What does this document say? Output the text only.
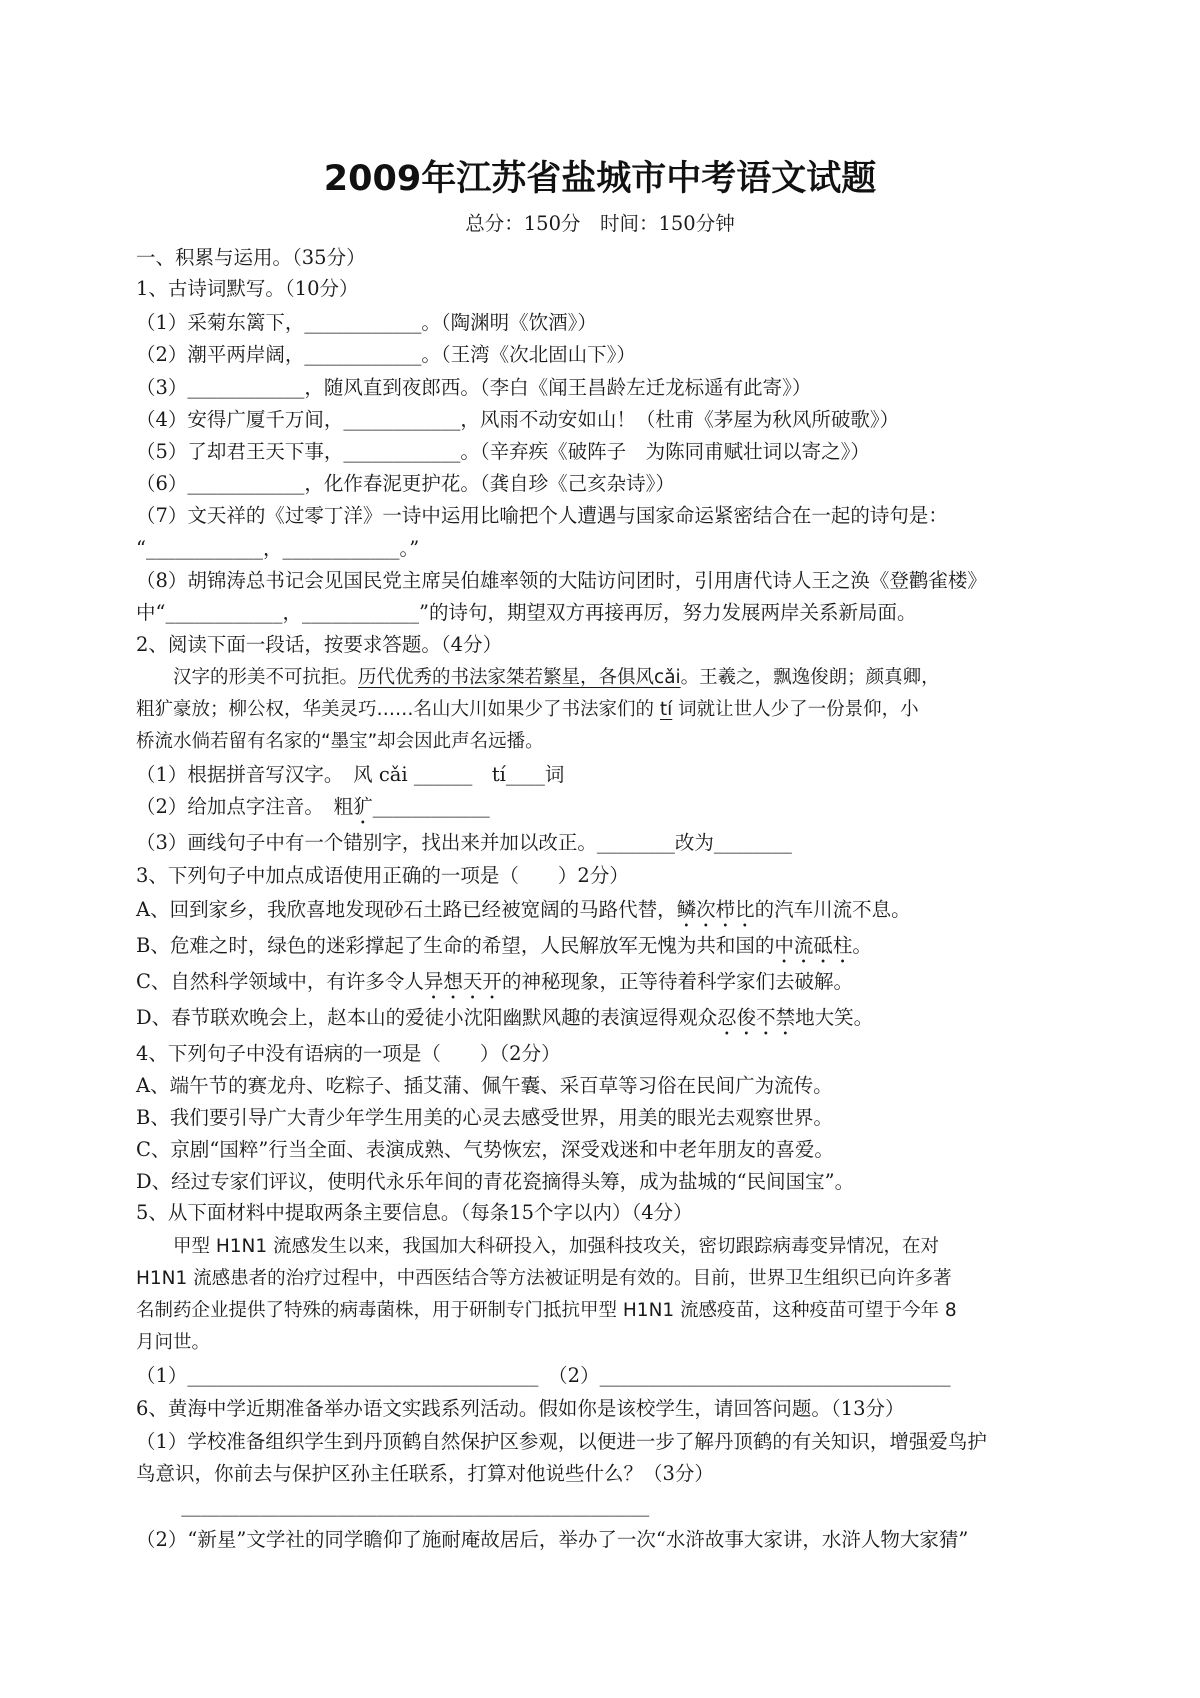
2009年江苏省盐城市中考语文试题
总分：150分　时间：150分钟
一、积累与运用。（35分）
1、古诗词默写。（10分）
（1）采菊东篱下，____________。（陶渊明《饮酒》）
（2）潮平两岸阔，____________。（王湾《次北固山下》）
（3）____________，随风直到夜郎西。（李白《闻王昌龄左迁龙标遥有此寄》）
（4）安得广厦千万间，____________，风雨不动安如山！（杜甫《茅屋为秋风所破歌》）
（5）了却君王天下事，____________。（辛弃疾《破阵子　为陈同甫赋壮词以寄之》）
（6）____________，化作春泥更护花。（龚自珍《己亥杂诗》）
（7）文天祥的《过零丁洋》一诗中运用比喻把个人遭遇与国家命运紧密结合在一起的诗句是：
“____________，____________。”
（8）胡锦涛总书记会见国民党主席吴伯雄率领的大陆访问团时，引用唐代诗人王之涣《登鹳雀楼》
中“____________，____________”的诗句，期望双方再接再厉，努力发展两岸关系新局面。
2、阅读下面一段话，按要求答题。（4分）
　　汉字的形美不可抗拒。历代优秀的书法家桀若繁星，各俱风cǎi。王羲之，飘逸俊朗；颜真卿，
粗犷豪放；柳公权，华美灵巧……名山大川如果少了书法家们的 tí 词就让世人少了一份景仰，小
桥流水倘若留有名家的“墨宝”却会因此声名远播。
（1）根据拼音写汉字。　风 cǎi ______　tí____词
（2）给加点字注音。　粗犷____________
（3）画线句子中有一个错别字，找出来并加以改正。________改为________
3、下列句子中加点成语使用正确的一项是（　　）2分）
A、回到家乡，我欣喜地发现砂石土路已经被宽阔的马路代替，鳞次栉比的汽车川流不息。
B、危难之时，绿色的迷彩撑起了生命的希望，人民解放军无愧为共和国的中流砥柱。
C、自然科学领域中，有许多令人异想天开的神秘现象，正等待着科学家们去破解。
D、春节联欢晚会上，赵本山的爱徒小沈阳幽默风趣的表演逗得观众忍俊不禁地大笑。
4、下列句子中没有语病的一项是（　　）（2分）
A、端午节的赛龙舟、吃粽子、插艾蒲、佩午囊、采百草等习俗在民间广为流传。
B、我们要引导广大青少年学生用美的心灵去感受世界，用美的眼光去观察世界。
C、京剧“国粹”行当全面、表演成熟、气势恢宏，深受戏迷和中老年朋友的喜爱。
D、经过专家们评议，使明代永乐年间的青花瓷摘得头筹，成为盐城的“民间国宝”。
5、从下面材料中提取两条主要信息。（每条15个字以内）（4分）
　　甲型 H1N1 流感发生以来，我国加大科研投入，加强科技攻关，密切跟踪病毒变异情况，在对
H1N1 流感患者的治疗过程中，中西医结合等方法被证明是有效的。目前，世界卫生组织已向许多著
名制药企业提供了特殊的病毒菌株，用于研制专门抵抗甲型 H1N1 流感疫苗，这种疫苗可望于今年 8
月问世。
（1）____________________________________　（2）____________________________________
6、黄海中学近期准备举办语文实践系列活动。假如你是该校学生，请回答问题。（13分）
（1）学校准备组织学生到丹顶鹤自然保护区参观，以便进一步了解丹顶鹤的有关知识，增强爱鸟护
鸟意识，你前去与保护区孙主任联系，打算对他说些什么？（3分）
　　 ________________________________________________
（2）“新星”文学社的同学瞻仰了施耐庵故居后，举办了一次“水浒故事大家讲，水浒人物大家猜”
